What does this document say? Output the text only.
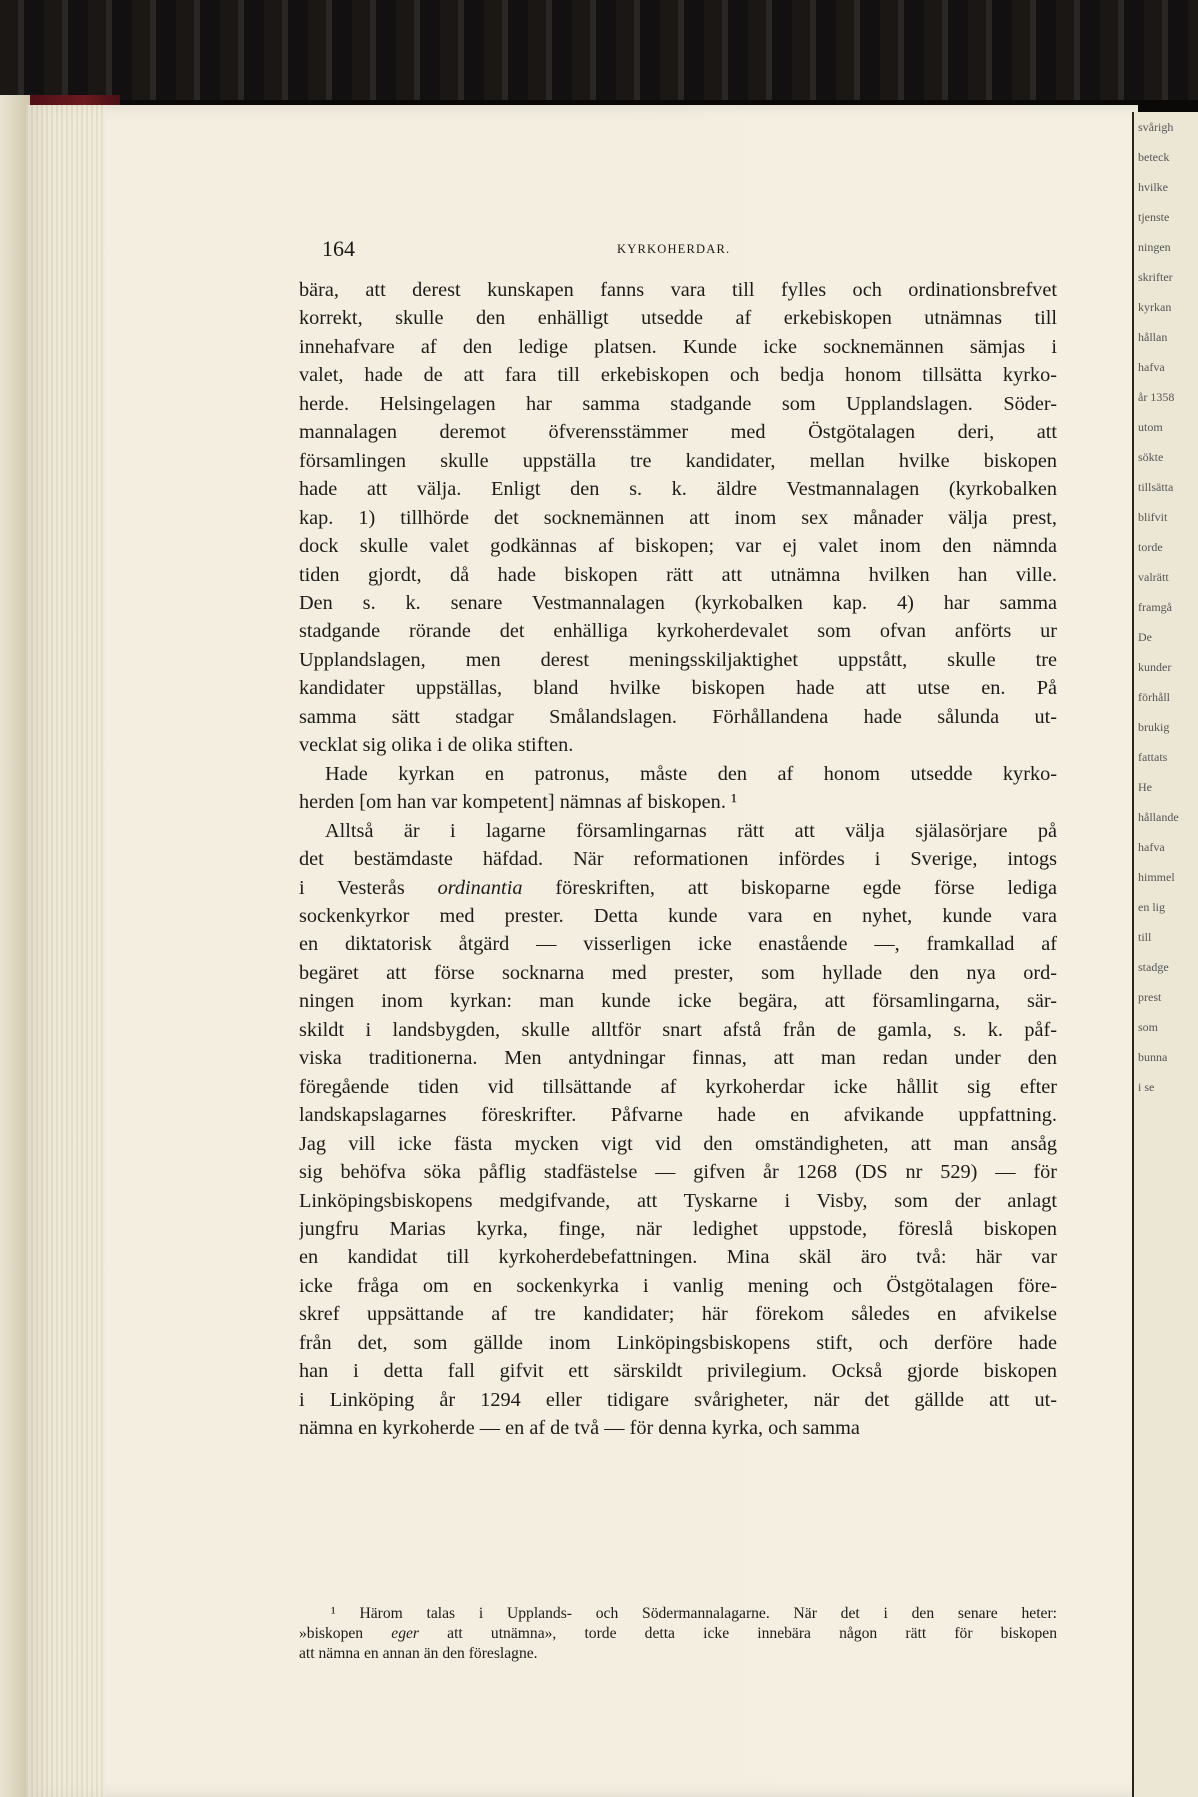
svårigh
beteck
hvilke
tjenste
ningen
skrifter
kyrkan
hållan
hafva
år 1358
utom
sökte
tillsätta
blifvit
torde
valrätt
framgå
De
kunder
förhåll
brukig
fattats
He
hållande
hafva
himmel
en lig
till
stadge
prest
som
bunna
i se
164	KYRKOHERDAR.
bära, att derest kunskapen fanns vara till fylles och ordinationsbrefvet
korrekt, skulle den enhälligt utsedde af erkebiskopen utnämnas till
innehafvare af den ledige platsen. Kunde icke socknemännen sämjas i
valet, hade de att fara till erkebiskopen och bedja honom tillsätta kyrko-
herde. Helsingelagen har samma stadgande som Upplandslagen. Söder-
mannalagen deremot öfverensstämmer med Östgötalagen deri, att
församlingen skulle uppställa tre kandidater, mellan hvilke biskopen
hade att välja. Enligt den s. k. äldre Vestmannalagen (kyrkobalken
kap. 1) tillhörde det socknemännen att inom sex månader välja prest,
dock skulle valet godkännas af biskopen; var ej valet inom den nämnda
tiden gjordt, då hade biskopen rätt att utnämna hvilken han ville.
Den s. k. senare Vestmannalagen (kyrkobalken kap. 4) har samma
stadgande rörande det enhälliga kyrkoherdevalet som ofvan anförts ur
Upplandslagen, men derest meningsskiljaktighet uppstått, skulle tre
kandidater uppställas, bland hvilke biskopen hade att utse en. På
samma sätt stadgar Smålandslagen. Förhållandena hade sålunda ut-
vecklat sig olika i de olika stiften.
Hade kyrkan en patronus, måste den af honom utsedde kyrko-
herden [om han var kompetent] nämnas af biskopen. ¹
Alltså är i lagarne församlingarnas rätt att välja själasörjare på
det bestämdaste häfdad. När reformationen infördes i Sverige, intogs
i Vesterås ordinantia föreskriften, att biskoparne egde förse lediga
sockenkyrkor med prester. Detta kunde vara en nyhet, kunde vara
en diktatorisk åtgärd — visserligen icke enastående —, framkallad af
begäret att förse socknarna med prester, som hyllade den nya ord-
ningen inom kyrkan: man kunde icke begära, att församlingarna, sär-
skildt i landsbygden, skulle alltför snart afstå från de gamla, s. k. påf-
viska traditionerna. Men antydningar finnas, att man redan under den
föregående tiden vid tillsättande af kyrkoherdar icke hållit sig efter
landskapslagarnes föreskrifter. Påfvarne hade en afvikande uppfattning.
Jag vill icke fästa mycken vigt vid den omständigheten, att man ansåg
sig behöfva söka påflig stadfästelse — gifven år 1268 (DS nr 529) — för
Linköpingsbiskopens medgifvande, att Tyskarne i Visby, som der anlagt
jungfru Marias kyrka, finge, när ledighet uppstode, föreslå biskopen
en kandidat till kyrkoherdebefattningen. Mina skäl äro två: här var
icke fråga om en sockenkyrka i vanlig mening och Östgötalagen före-
skref uppsättande af tre kandidater; här förekom således en afvikelse
från det, som gällde inom Linköpingsbiskopens stift, och derföre hade
han i detta fall gifvit ett särskildt privilegium. Också gjorde biskopen
i Linköping år 1294 eller tidigare svårigheter, när det gällde att ut-
nämna en kyrkoherde — en af de två — för denna kyrka, och samma
¹ Härom talas i Upplands- och Södermannalagarne. När det i den senare heter:
»biskopen eger att utnämna», torde detta icke innebära någon rätt för biskopen
att nämna en annan än den föreslagne.
